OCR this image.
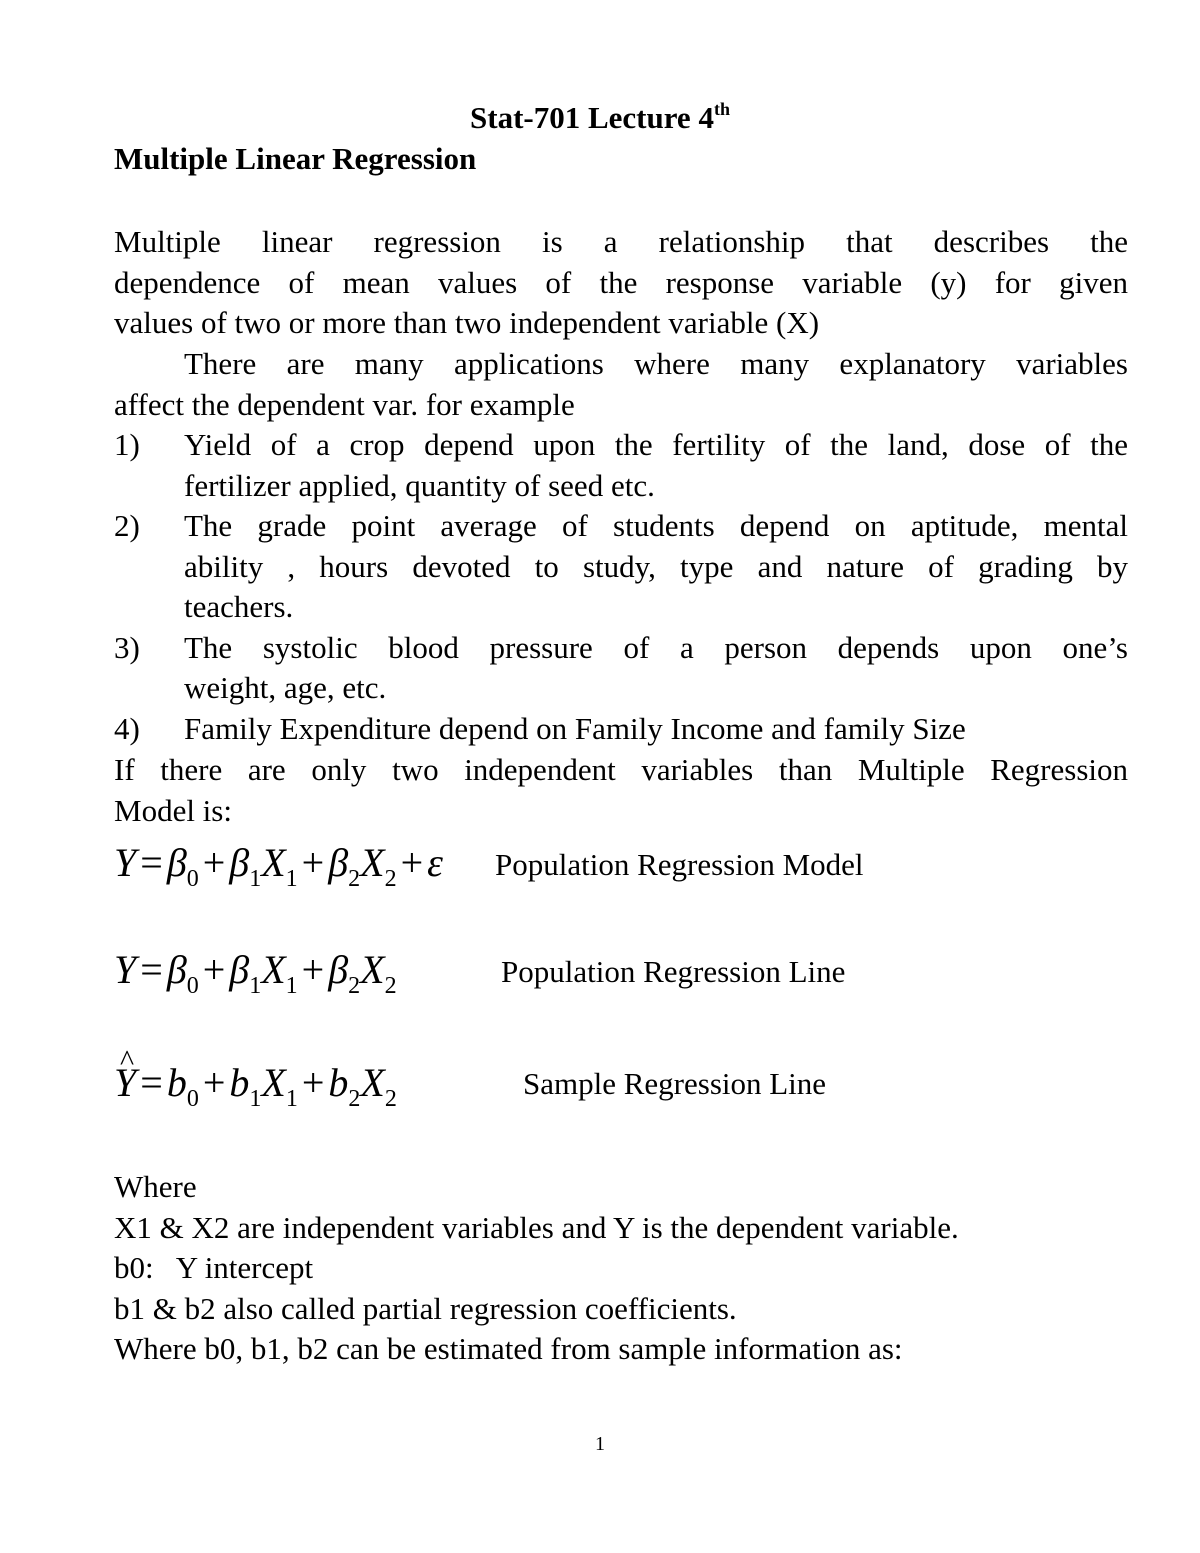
Stat-701 Lecture 4th
Multiple Linear Regression
Multiple linear regression is a relationship that describes the
dependence of mean values of the response variable (y) for given
values of two or more than two independent variable (X)
There are many applications where many explanatory variables
affect the dependent var. for example
1) Yield of a crop depend upon the fertility of the land, dose of the
fertilizer applied, quantity of seed etc.
2) The grade point average of students depend on aptitude, mental
ability , hours devoted to study, type and nature of grading by
teachers.
3) The systolic blood pressure of a person depends upon one’s
weight, age, etc.
4) Family Expenditure depend on Family Income and family Size
If there are only two independent variables than Multiple Regression
Model is:
$Y = \beta_0 + \beta_1X_1 + \beta_2X_2 + \varepsilon$ Population Regression Model
$Y = \beta_0 + \beta_1X_1 + \beta_2X_2$	Population Regression Line
^ $Y = b_0 + b_1X_1 + b_2X_2$	Sample Regression Line
Where
X1 & X2 are independent variables and Y is the dependent variable.
b0:   Y intercept
b1 & b2 also called partial regression coefficients.
Where b0, b1, b2 can be estimated from sample information as:
1
